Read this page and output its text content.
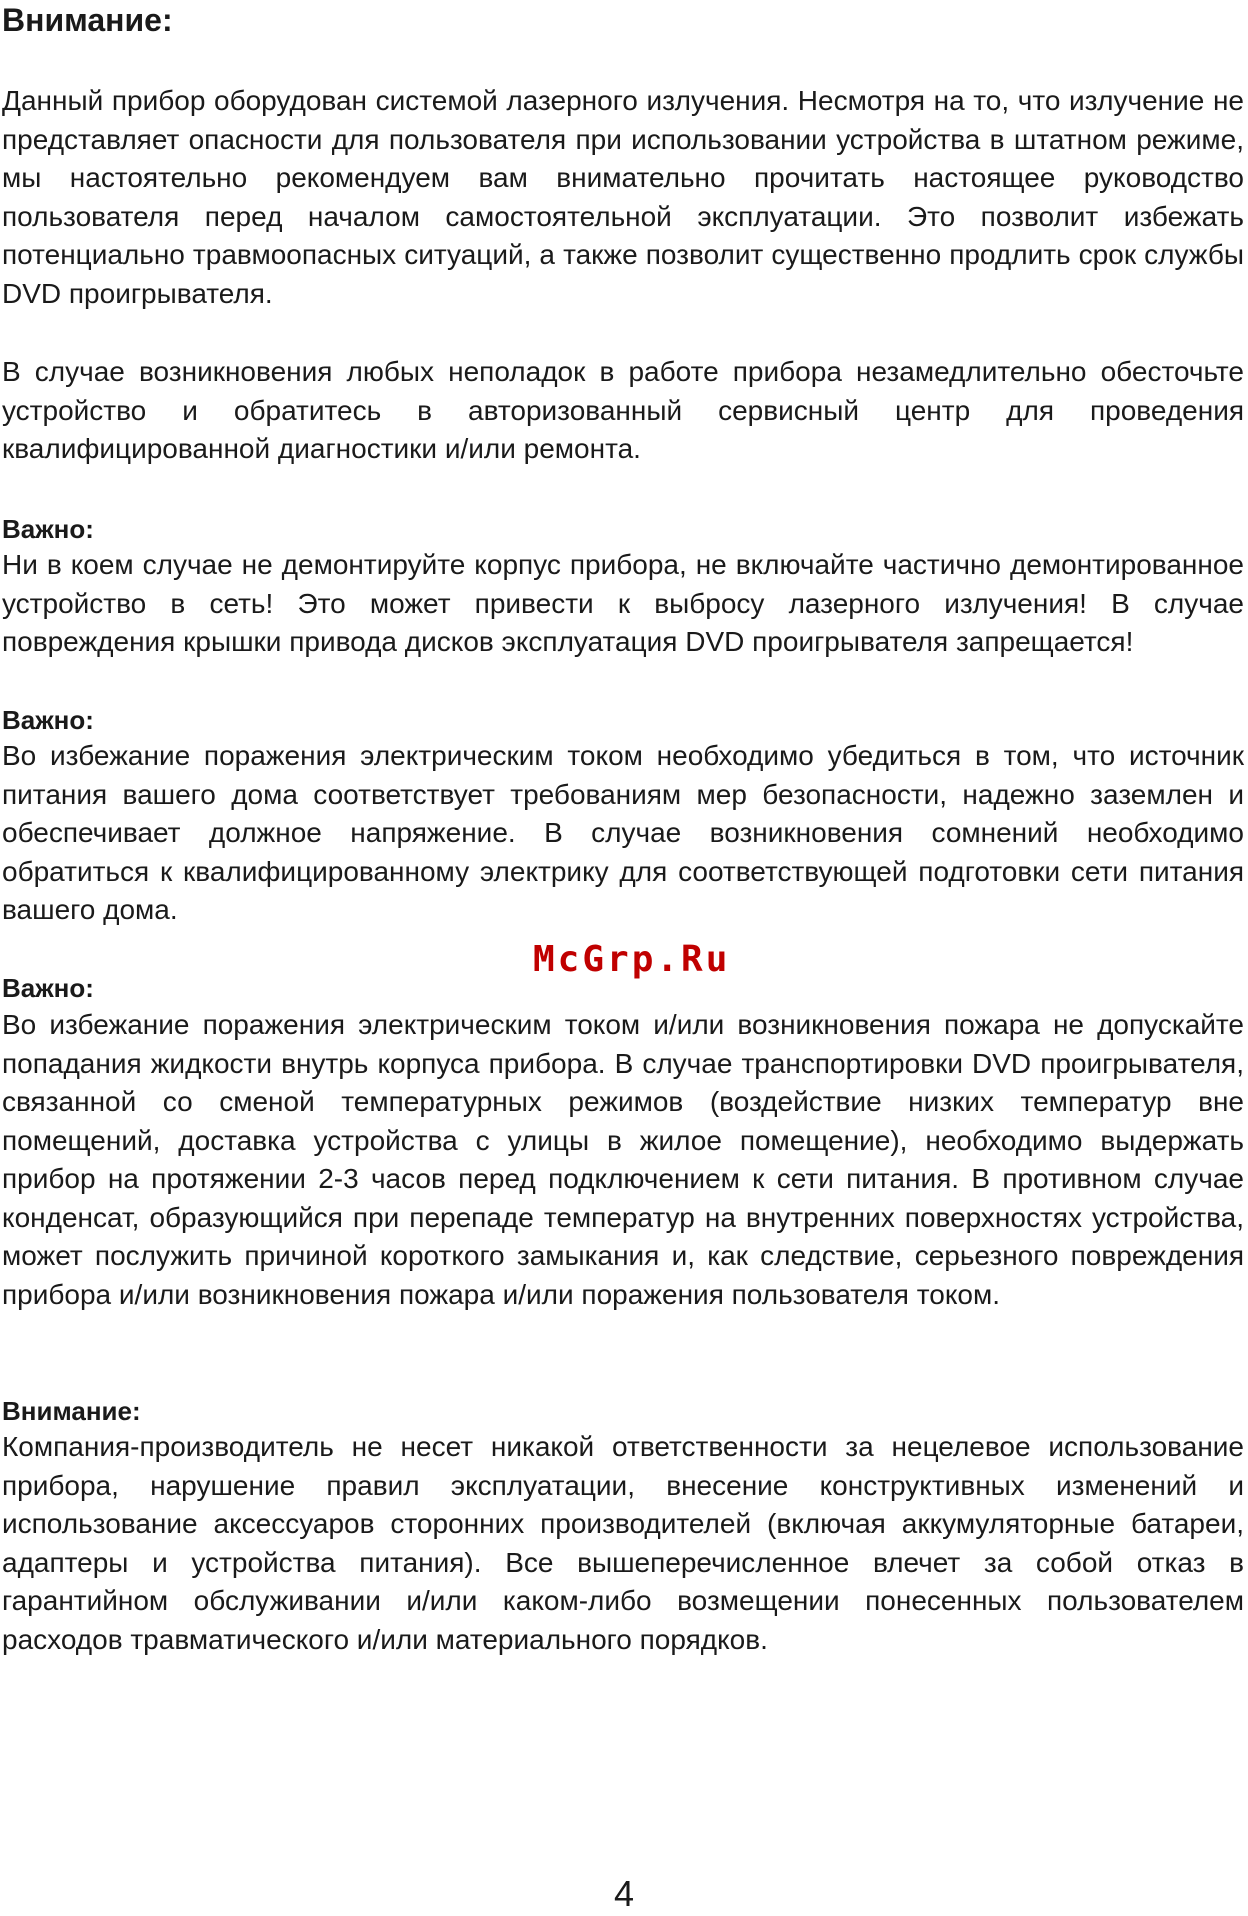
Внимание:

Данный прибор оборудован системой лазерного излучения. Несмотря на то, что излучение не представляет опасности для пользователя при использовании устройства в штатном режиме, мы настоятельно рекомендуем вам внимательно прочитать настоящее руководство пользователя перед началом самостоятельной эксплуатации. Это позволит избежать потенциально травмоопасных ситуаций, а также позволит существенно продлить срок службы DVD проигрывателя.

В случае возникновения любых неполадок в работе прибора незамедлительно обесточьте устройство и обратитесь в авторизованный сервисный центр для проведения квалифицированной диагностики и/или ремонта.

Важно:

Ни в коем случае не демонтируйте корпус прибора, не включайте частично демонтированное устройство в сеть! Это может привести к выбросу лазерного излучения! В случае повреждения крышки привода дисков эксплуатация DVD проигрывателя запрещается!

Важно:

Во избежание поражения электрическим током необходимо убедиться в том, что источник питания вашего дома соответствует требованиям мер безопасности, надежно заземлен и обеспечивает должное напряжение. В случае возникновения сомнений необходимо обратиться к квалифицированному электрику для соответствующей подготовки сети питания вашего дома.

McGrp.Ru
Важно:

Во избежание поражения электрическим током и/или возникновения пожара не допускайте попадания жидкости внутрь корпуса прибора. В случае транспортировки DVD проигрывателя, связанной со сменой температурных режимов (воздействие низких температур вне помещений, доставка устройства с улицы в жилое помещение), необходимо выдержать прибор на протяжении 2-3 часов перед подключением к сети питания. В противном случае конденсат, образующийся при перепаде температур на внутренних поверхностях устройства, может послужить причиной короткого замыкания и, как следствие, серьезного повреждения прибора и/или возникновения пожара и/или поражения пользователя током.

Внимание:

Компания-производитель не несет никакой ответственности за нецелевое использование прибора, нарушение правил эксплуатации, внесение конструктивных изменений и использование аксессуаров сторонних производителей (включая аккумуляторные батареи, адаптеры и устройства питания). Все вышеперечисленное влечет за собой отказ в гарантийном обслуживании и/или каком-либо возмещении понесенных пользователем расходов травматического и/или материального порядков.

4
